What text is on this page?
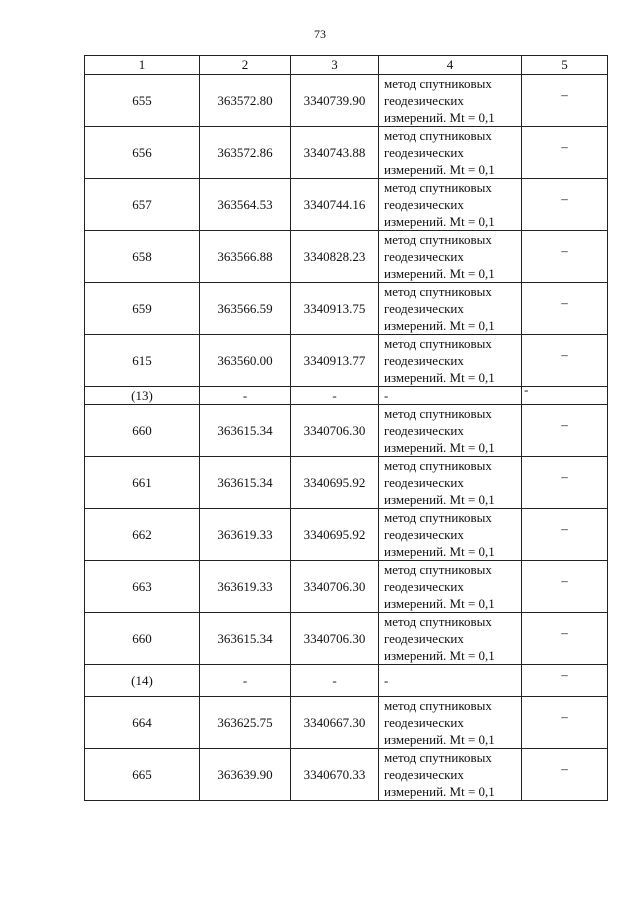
73
1	2	3	4	5
655	363572.80	3340739.90	метод спутниковых
геодезических
измерений. Mt = 0,1	–

656	363572.86	3340743.88	метод спутниковых
геодезических
измерений. Mt = 0,1	–

657	363564.53	3340744.16	метод спутниковых
геодезических
измерений. Mt = 0,1	–

658	363566.88	3340828.23	метод спутниковых
геодезических
измерений. Mt = 0,1	–

659	363566.59	3340913.75	метод спутниковых
геодезических
измерений. Mt = 0,1	–

615	363560.00	3340913.77	метод спутниковых
геодезических
измерений. Mt = 0,1	–

(13)	-	-	-	-

660	363615.34	3340706.30	метод спутниковых
геодезических
измерений. Mt = 0,1	–

661	363615.34	3340695.92	метод спутниковых
геодезических
измерений. Mt = 0,1	–

662	363619.33	3340695.92	метод спутниковых
геодезических
измерений. Mt = 0,1	–

663	363619.33	3340706.30	метод спутниковых
геодезических
измерений. Mt = 0,1	–

660	363615.34	3340706.30	метод спутниковых
геодезических
измерений. Mt = 0,1	–

(14)	-	-	-	–

664	363625.75	3340667.30	метод спутниковых
геодезических
измерений. Mt = 0,1	–

665	363639.90	3340670.33	метод спутниковых
геодезических
измерений. Mt = 0,1	–
